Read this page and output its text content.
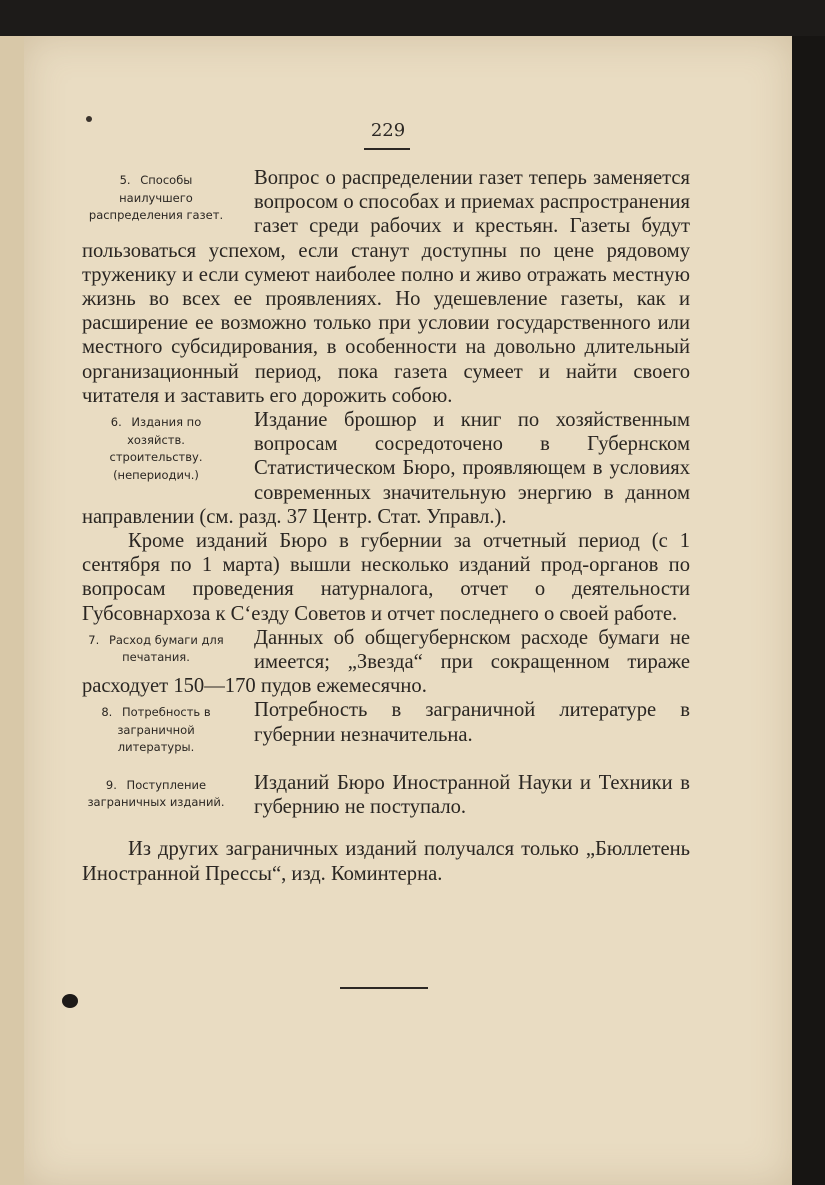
229
5. Способы наилучшего распределения газет.

Вопрос о распределении газет теперь заменяется вопросом о способах и приемах распространения газет среди рабочих и крестьян. Газеты будут пользоваться успехом, если станут доступны по цене рядовому труженику и если сумеют наиболее полно и живо отражать местную жизнь во всех ее проявлениях. Но удешевление газеты, как и расширение ее возможно только при условии государственного или местного субсидирования, в особенности на довольно длительный организационный период, пока газета сумеет и найти своего читателя и заставить его дорожить собою.

6. Издания по хозяйств. строительству.(непериодич.)

Издание брошюр и книг по хозяйственным вопросам сосредоточено в Губернском Статистическом Бюро, проявляющем в условиях современных значительную энергию в данном направлении (см. разд. 37 Центр. Стат. Управл.).

Кроме изданий Бюро в губернии за отчетный период (с 1 сентября по 1 марта) вышли несколько изданий прод-органов по вопросам проведения натурналога, отчет о деятельности Губсовнархоза к С‘езду Советов и отчет последнего о своей работе.

7. Расход бумаги для печатания.

Данных об общегубернском расходе бумаги не имеется; „Звезда“ при сокращенном тираже расходует 150—170 пудов ежемесячно.

8. Потребность в заграничной литературы.

Потребность в заграничной литературе в губернии незначительна.

9. Поступление заграничных изданий.

Изданий Бюро Иностранной Науки и Техники в губернию не поступало.

Из других заграничных изданий получался только „Бюллетень Иностранной Прессы“, изд. Коминтерна.
